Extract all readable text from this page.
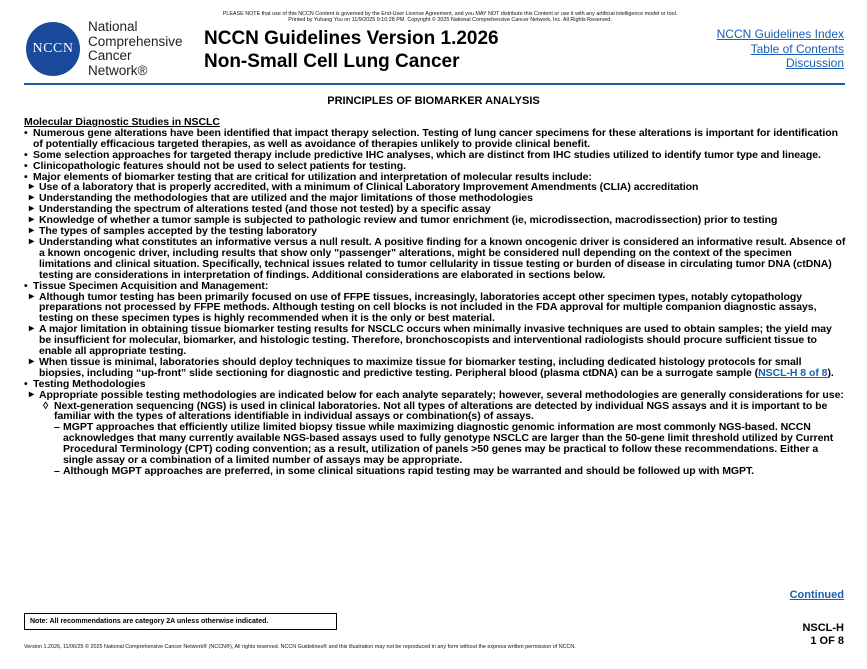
PLEASE NOTE that use of this NCCN Content is governed by the End-User License Agreement, and you MAY NOT distribute this Content or use it with any artificial intelligence model or tool.
Printed by Yuhang You on 11/9/2025 9:10:28 PM. Copyright © 2025 National Comprehensive Cancer Network, Inc. All Rights Reserved.
NCCN
National
Comprehensive
Cancer
Network®
NCCN Guidelines Version 1.2026
Non-Small Cell Lung Cancer
NCCN Guidelines Index
Table of Contents
Discussion
PRINCIPLES OF BIOMARKER ANALYSIS
Molecular Diagnostic Studies in NSCLC
• Numerous gene alterations have been identified that impact therapy selection. Testing of lung cancer specimens for these alterations is important for identification of potentially efficacious targeted therapies, as well as avoidance of therapies unlikely to provide clinical benefit.
• Some selection approaches for targeted therapy include predictive IHC analyses, which are distinct from IHC studies utilized to identify tumor type and lineage.
• Clinicopathologic features should not be used to select patients for testing.
• Major elements of biomarker testing that are critical for utilization and interpretation of molecular results include:
▸ Use of a laboratory that is properly accredited, with a minimum of Clinical Laboratory Improvement Amendments (CLIA) accreditation
▸ Understanding the methodologies that are utilized and the major limitations of those methodologies
▸ Understanding the spectrum of alterations tested (and those not tested) by a specific assay
▸ Knowledge of whether a tumor sample is subjected to pathologic review and tumor enrichment (ie, microdissection, macrodissection) prior to testing
▸ The types of samples accepted by the testing laboratory
▸ Understanding what constitutes an informative versus a null result. A positive finding for a known oncogenic driver is considered an informative result. Absence of a known oncogenic driver, including results that show only "passenger" alterations, might be considered null depending on the context of the specimen limitations and clinical situation. Specifically, technical issues related to tumor cellularity in tissue testing or burden of disease in circulating tumor DNA (ctDNA) testing are considerations in interpretation of findings. Additional considerations are elaborated in sections below.
• Tissue Specimen Acquisition and Management:
▸ Although tumor testing has been primarily focused on use of FFPE tissues, increasingly, laboratories accept other specimen types, notably cytopathology preparations not processed by FFPE methods. Although testing on cell blocks is not included in the FDA approval for multiple companion diagnostic assays, testing on these specimen types is highly recommended when it is the only or best material.
▸ A major limitation in obtaining tissue biomarker testing results for NSCLC occurs when minimally invasive techniques are used to obtain samples; the yield may be insufficient for molecular, biomarker, and histologic testing. Therefore, bronchoscopists and interventional radiologists should procure sufficient tissue to enable all appropriate testing.
▸ When tissue is minimal, laboratories should deploy techniques to maximize tissue for biomarker testing, including dedicated histology protocols for small biopsies, including “up-front” slide sectioning for diagnostic and predictive testing. Peripheral blood (plasma ctDNA) can be a surrogate sample (NSCL-H 8 of 8).
• Testing Methodologies
▸ Appropriate possible testing methodologies are indicated below for each analyte separately; however, several methodologies are generally considerations for use:
◊ Next-generation sequencing (NGS) is used in clinical laboratories. Not all types of alterations are detected by individual NGS assays and it is important to be familiar with the types of alterations identifiable in individual assays or combination(s) of assays.
– MGPT approaches that efficiently utilize limited biopsy tissue while maximizing diagnostic genomic information are most commonly NGS-based. NCCN acknowledges that many currently available NGS-based assays used to fully genotype NSCLC are larger than the 50-gene limit threshold utilized by Current Procedural Terminology (CPT) coding convention; as a result, utilization of panels >50 genes may be practical to follow these recommendations. Either a single assay or a combination of a limited number of assays may be appropriate.
– Although MGPT approaches are preferred, in some clinical situations rapid testing may be warranted and should be followed up with MGPT.
Continued
Note: All recommendations are category 2A unless otherwise indicated.
NSCL-H
1 OF 8
Version 1.2026, 11/06/25 © 2025 National Comprehensive Cancer Network® (NCCN®), All rights reserved. NCCN Guidelines® and this illustration may not be reproduced in any form without the express written permission of NCCN.
